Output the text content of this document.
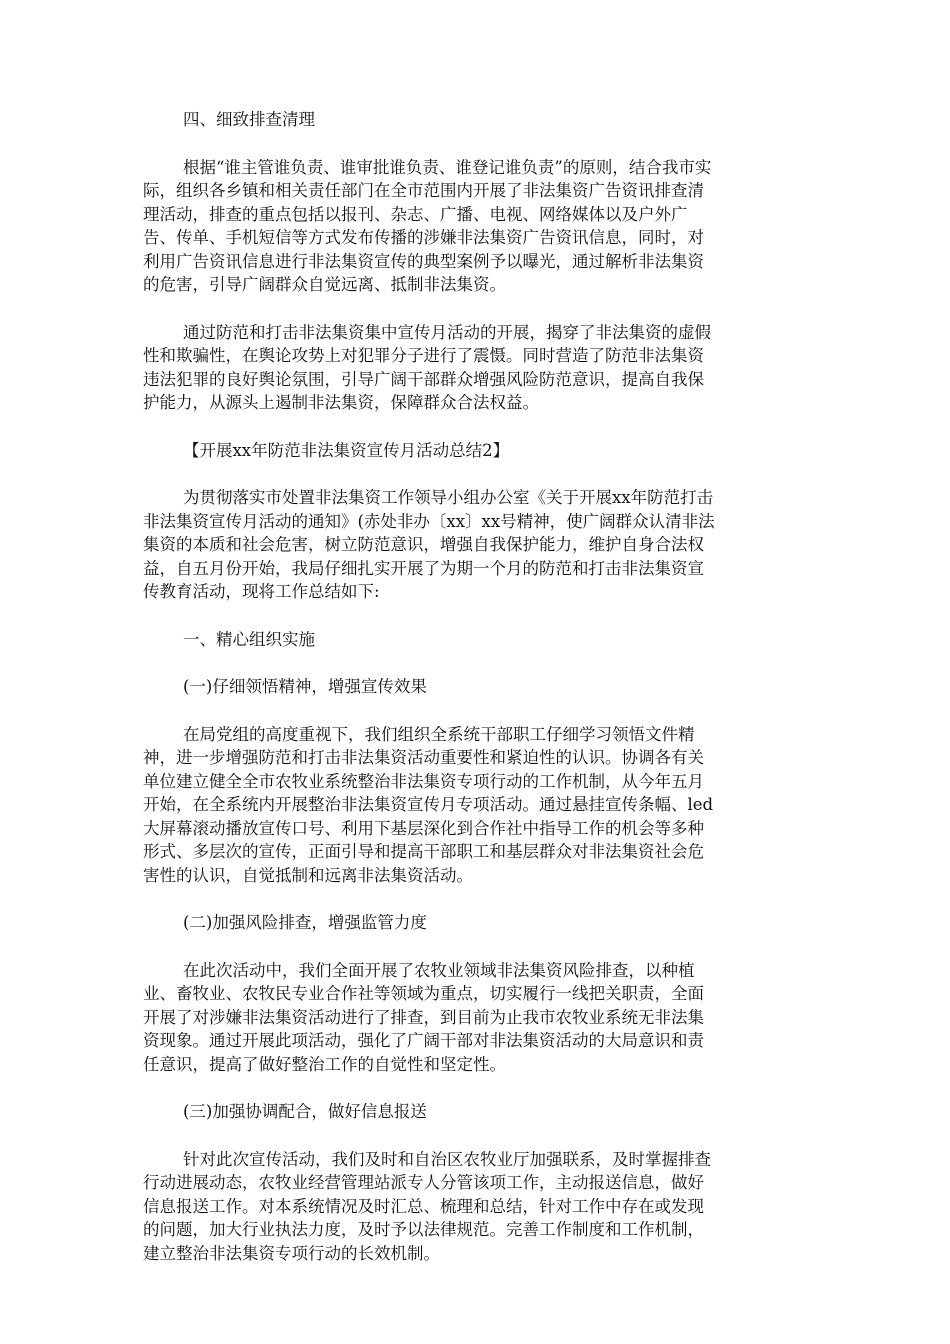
四、细致排查清理

根据“谁主管谁负责、谁审批谁负责、谁登记谁负责”的原则，结合我市实
际，组织各乡镇和相关责任部门在全市范围内开展了非法集资广告资讯排查清
理活动，排查的重点包括以报刊、杂志、广播、电视、网络媒体以及户外广
告、传单、手机短信等方式发布传播的涉嫌非法集资广告资讯信息，同时，对
利用广告资讯信息进行非法集资宣传的典型案例予以曝光，通过解析非法集资
的危害，引导广阔群众自觉远离、抵制非法集资。

通过防范和打击非法集资集中宣传月活动的开展，揭穿了非法集资的虚假
性和欺骗性，在舆论攻势上对犯罪分子进行了震慑。同时营造了防范非法集资
违法犯罪的良好舆论氛围，引导广阔干部群众增强风险防范意识，提高自我保
护能力，从源头上遏制非法集资，保障群众合法权益。

【开展xx年防范非法集资宣传月活动总结2】

为贯彻落实市处置非法集资工作领导小组办公室《关于开展xx年防范打击
非法集资宣传月活动的通知》(赤处非办〔xx〕xx号精神，使广阔群众认清非法
集资的本质和社会危害，树立防范意识，增强自我保护能力，维护自身合法权
益，自五月份开始，我局仔细扎实开展了为期一个月的防范和打击非法集资宣
传教育活动，现将工作总结如下:

一、精心组织实施

(一)仔细领悟精神，增强宣传效果

在局党组的高度重视下，我们组织全系统干部职工仔细学习领悟文件精
神，进一步增强防范和打击非法集资活动重要性和紧迫性的认识。协调各有关
单位建立健全全市农牧业系统整治非法集资专项行动的工作机制，从今年五月
开始，在全系统内开展整治非法集资宣传月专项活动。通过悬挂宣传条幅、led
大屏幕滚动播放宣传口号、利用下基层深化到合作社中指导工作的机会等多种
形式、多层次的宣传，正面引导和提高干部职工和基层群众对非法集资社会危
害性的认识，自觉抵制和远离非法集资活动。

(二)加强风险排查，增强监管力度

在此次活动中，我们全面开展了农牧业领域非法集资风险排查，以种植
业、畜牧业、农牧民专业合作社等领域为重点，切实履行一线把关职责，全面
开展了对涉嫌非法集资活动进行了排查，到目前为止我市农牧业系统无非法集
资现象。通过开展此项活动，强化了广阔干部对非法集资活动的大局意识和责
任意识，提高了做好整治工作的自觉性和坚定性。

(三)加强协调配合，做好信息报送

针对此次宣传活动，我们及时和自治区农牧业厅加强联系，及时掌握排查
行动进展动态，农牧业经营管理站派专人分管该项工作，主动报送信息，做好
信息报送工作。对本系统情况及时汇总、梳理和总结，针对工作中存在或发现
的问题，加大行业执法力度，及时予以法律规范。完善工作制度和工作机制，
建立整治非法集资专项行动的长效机制。
